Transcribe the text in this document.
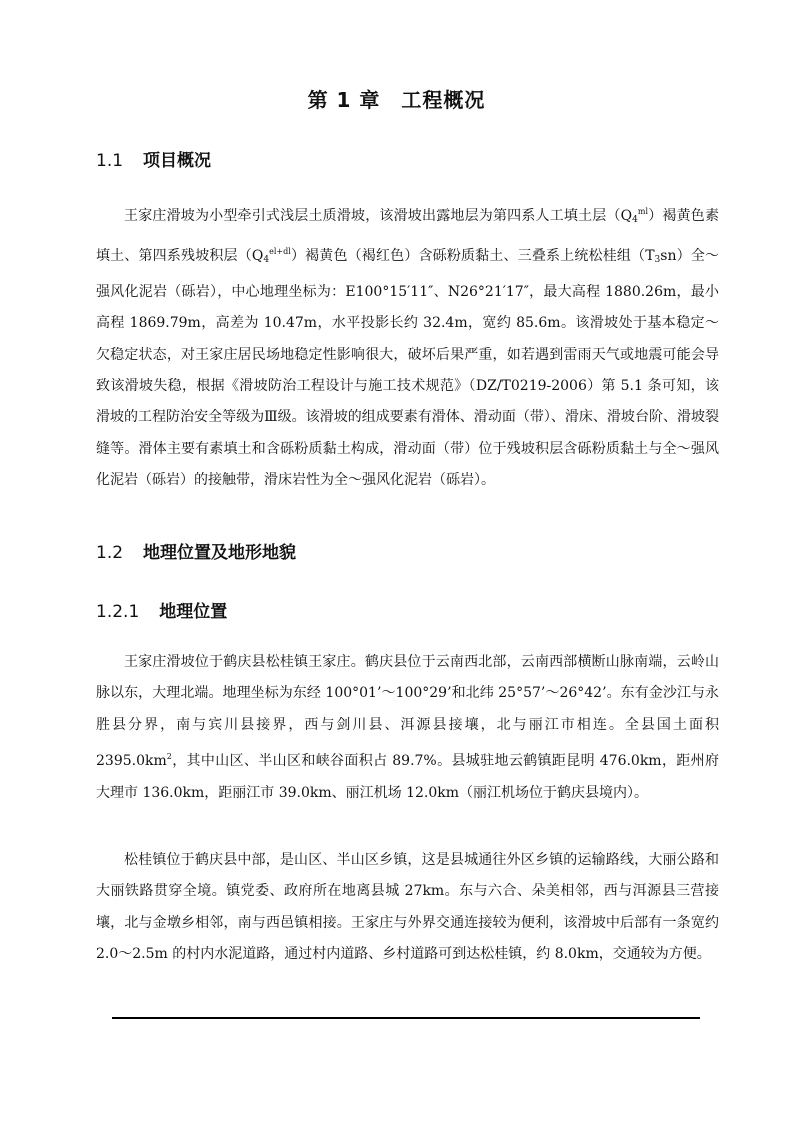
第 1 章　工程概况
1.1 项目概况

王家庄滑坡为小型牵引式浅层土质滑坡，该滑坡出露地层为第四系人工填土层$(Q4^{ml})$褐黄色素填土、第四系残坡积层$(Q4^{el+dl})$褐黄色（褐红色）含砾粉质黏土、三叠系上统松桂组（T3sn）全～强风化泥岩（砾岩），中心地理坐标为：E100°15′11″、N26°21′17″，最大高程 1880.26m，最小高程 1869.79m，高差为 10.47m，水平投影长约 32.4m，宽约 85.6m。该滑坡处于基本稳定～欠稳定状态，对王家庄居民场地稳定性影响很大，破坏后果严重，如若遇到雷雨天气或地震可能会导致该滑坡失稳，根据《滑坡防治工程设计与施工技术规范》（DZ/T0219-2006）第 5.1 条可知，该滑坡的工程防治安全等级为Ⅲ级。该滑坡的组成要素有滑体、滑动面（带）、滑床、滑坡台阶、滑坡裂缝等。滑体主要有素填土和含砾粉质黏土构成，滑动面（带）位于残坡积层含砾粉质黏土与全～强风化泥岩（砾岩）的接触带，滑床岩性为全～强风化泥岩（砾岩）。

1.2 地理位置及地形地貌
1.2.1 地理位置

王家庄滑坡位于鹤庆县松桂镇王家庄。鹤庆县位于云南西北部，云南西部横断山脉南端，云岭山脉以东，大理北端。地理坐标为东经 100°01’～100°29’和北纬 25°57’～26°42’。东有金沙江与永胜县分界，南与宾川县接界，西与剑川县、洱源县接壤，北与丽江市相连。全县国土面积 $2395.0km^2$，其中山区、半山区和峡谷面积占 89.7%。县城驻地云鹤镇距昆明 476.0km，距州府大理市 136.0km，距丽江市 39.0km、丽江机场 12.0km（丽江机场位于鹤庆县境内）。

松桂镇位于鹤庆县中部，是山区、半山区乡镇，这是县城通往外区乡镇的运输路线，大丽公路和大丽铁路贯穿全境。镇党委、政府所在地离县城 27km。东与六合、朵美相邻，西与洱源县三营接壤，北与金墩乡相邻，南与西邑镇相接。王家庄与外界交通连接较为便利，该滑坡中后部有一条宽约 2.0～2.5m 的村内水泥道路，通过村内道路、乡村道路可到达松桂镇，约 8.0km，交通较为方便。
